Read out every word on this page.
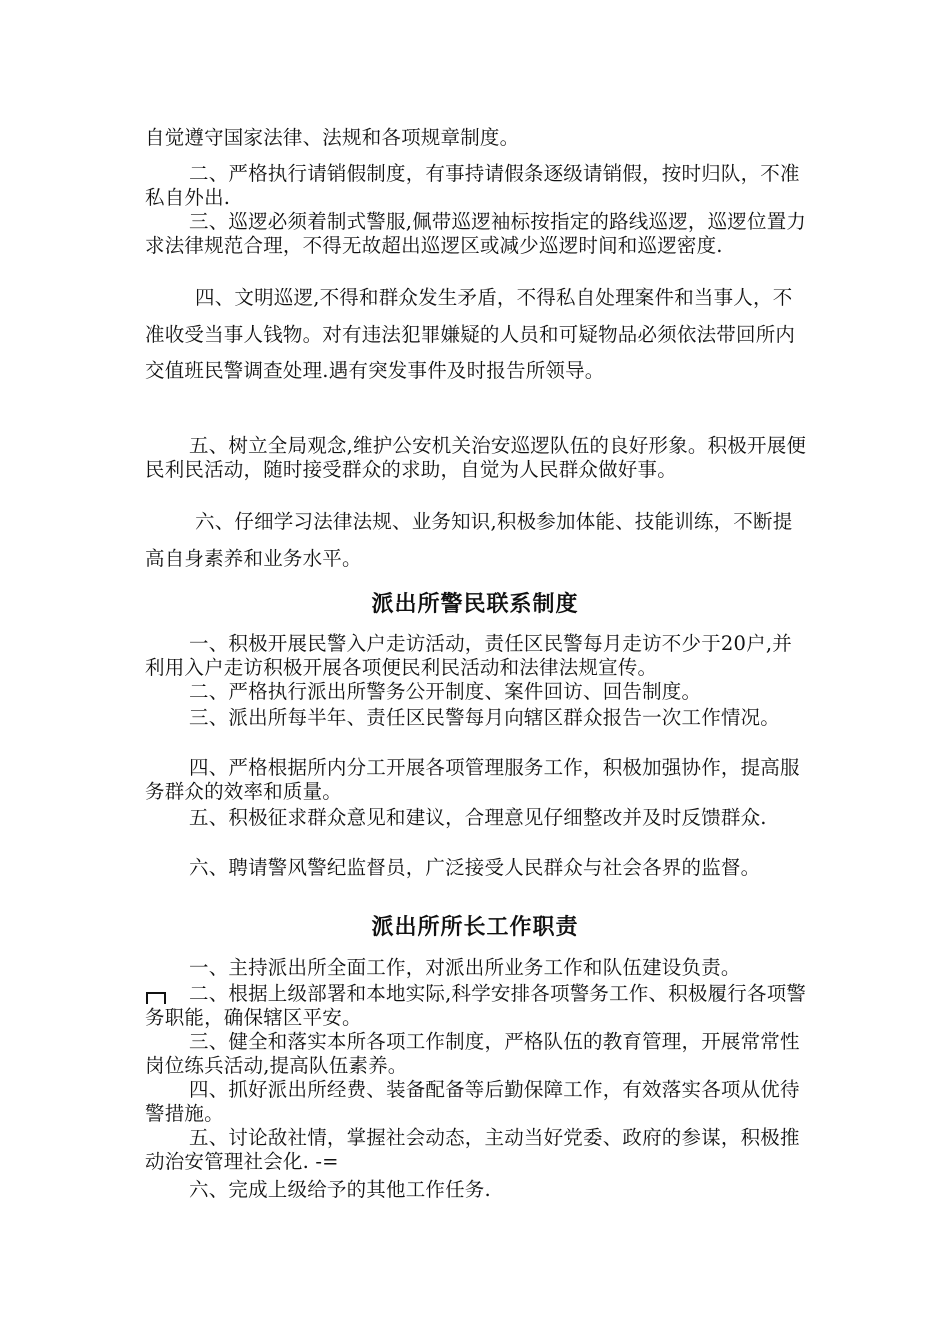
自觉遵守国家法律、法规和各项规章制度。

二、严格执行请销假制度，有事持请假条逐级请销假，按时归队，不准私自外出.

三、巡逻必须着制式警服,佩带巡逻袖标按指定的路线巡逻，巡逻位置力求法律规范合理，不得无故超出巡逻区或减少巡逻时间和巡逻密度.

四、文明巡逻,不得和群众发生矛盾，不得私自处理案件和当事人，不准收受当事人钱物。对有违法犯罪嫌疑的人员和可疑物品必须依法带回所内交值班民警调查处理.遇有突发事件及时报告所领导。

五、树立全局观念,维护公安机关治安巡逻队伍的良好形象。积极开展便民利民活动，随时接受群众的求助，自觉为人民群众做好事。

六、仔细学习法律法规、业务知识,积极参加体能、技能训练，不断提高自身素养和业务水平。

派出所警民联系制度

一、积极开展民警入户走访活动，责任区民警每月走访不少于20户,并利用入户走访积极开展各项便民利民活动和法律法规宣传。

二、严格执行派出所警务公开制度、案件回访、回告制度。

三、派出所每半年、责任区民警每月向辖区群众报告一次工作情况。

四、严格根据所内分工开展各项管理服务工作，积极加强协作，提高服务群众的效率和质量。

五、积极征求群众意见和建议，合理意见仔细整改并及时反馈群众.

六、聘请警风警纪监督员，广泛接受人民群众与社会各界的监督。

派出所所长工作职责

一、主持派出所全面工作，对派出所业务工作和队伍建设负责。

二、根据上级部署和本地实际,科学安排各项警务工作、积极履行各项警务职能，确保辖区平安。

三、健全和落实本所各项工作制度，严格队伍的教育管理，开展常常性岗位练兵活动,提高队伍素养。

四、抓好派出所经费、装备配备等后勤保障工作，有效落实各项从优待警措施。

五、讨论敌社情，掌握社会动态，主动当好党委、政府的参谋，积极推动治安管理社会化. -=

六、完成上级给予的其他工作任务.
